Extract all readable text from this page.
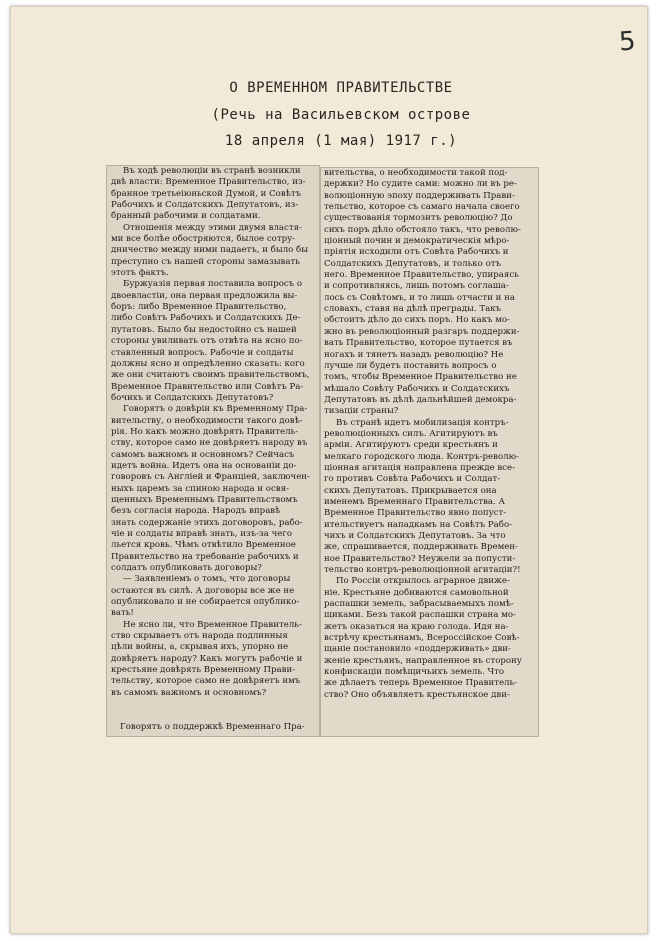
5
О ВРЕМЕННОМ ПРАВИТЕЛЬСТВЕ
(Речь на Васильевском острове
18 апреля (1 мая) 1917 г.)
Въ ходѣ революціи въ странѣ возникли
двѣ власти: Временное Правительство, из-
бранное третьеіюньской Думой, и Совѣтъ
Рабочихъ и Солдатскихъ Депутатовъ, из-
бранный рабочими и солдатами.
Отношенія между этими двумя властя-
ми все болѣе обостряются, былое сотру-
дничество между ними падаетъ, и было бы
преступно съ нашей стороны замазывать
этотъ фактъ.
Буржуазія первая поставила вопросъ о
двоевластіи, она первая предложила вы-
боръ: либо Временное Правительство,
либо Совѣтъ Рабочихъ и Солдатскихъ Де-
путатовъ. Было бы недостойно съ нашей
стороны увиливать отъ отвѣта на ясно по-
ставленный вопросъ. Рабочіе и солдаты
должны ясно и опредѣленно сказать: кого
же они считаютъ своимъ правительствомъ,
Временное Правительство или Совѣтъ Ра-
бочихъ и Солдатскихъ Депутатовъ?
Говорятъ о довѣріи къ Временному Пра-
вительству, о необходимости такого довѣ-
рія. Но какъ можно довѣрять Правитель-
ству, которое само не довѣряетъ народу въ
самомъ важномъ и основномъ? Сейчасъ
идетъ война. Идетъ она на основаніи до-
говоровъ съ Англіей и Франціей, заключен-
ныхъ царемъ за спиною народа и освя-
щенныхъ Временнымъ Правительствомъ
безъ согласія народа. Народъ вправѣ
знать содержаніе этихъ договоровъ, рабо-
чіе и солдаты вправѣ знать, изъ-за чего
льется кровь. Чѣмъ отвѣтило Временное
Правительство на требованіе рабочихъ и
солдатъ опубликовать договоры?
— Заявленіемъ о томъ, что договоры
остаются въ силѣ. А договоры все же не
опубликовало и не собирается опублико-
вать!
Не ясно ли, что Временное Правитель-
ство скрываетъ отъ народа подлинныя
цѣли войны, а, скрывая ихъ, упорно не
довѣряетъ народу? Какъ могутъ рабочіе и
крестьяне довѣрять Временному Прави-
тельству, которое само не довѣряетъ имъ
въ самомъ важномъ и основномъ?
вительства, о необходимости такой под-
держки? Но судите сами: можно ли въ ре-
волюціонную эпоху поддерживать Прави-
тельство, которое съ самаго начала своего
существованія тормозитъ революцію? До
сихъ поръ дѣло обстояло такъ, что револю-
ціонный почин и демократическія мѣро-
пріятія исходили отъ Совѣта Рабочихъ и
Солдатскихъ Депутатовъ, и только отъ
него. Временное Правительство, упираясь
и сопротивляясь, лишь потомъ соглаша-
лось съ Совѣтомъ, и то лишь отчасти и на
словахъ, ставя на дѣлѣ преграды. Такъ
обстоитъ дѣло до сихъ поръ. Но какъ мо-
жно въ революціонный разгаръ поддержи-
вать Правительство, которое путается въ
ногахъ и тянетъ назадъ революцію? Не
лучше ли будетъ поставить вопросъ о
томъ, чтобы Временное Правительство не
мѣшало Совѣту Рабочихъ и Солдатскихъ
Депутатовъ въ дѣлѣ дальнѣйшей демокра-
тизаціи страны?
Въ странѣ идетъ мобилизація контръ-
революціонныхъ силъ. Агитируютъ въ
арміи. Агитируютъ среди крестьянъ и
мелкаго городского люда. Контръ-револю-
ціонная агитація направлена прежде все-
го противъ Совѣта Рабочихъ и Солдат-
скихъ Депутатовъ. Прикрывается она
именемъ Временнаго Правительства. А
Временное Правительство явно попуст-
ительствуетъ нападкамъ на Совѣтъ Рабо-
чихъ и Солдатскихъ Депутатовъ. За что
же, спрашивается, поддерживать Времен-
ное Правительство? Неужели за попусти-
тельство контръ-революціонной агитаціи?!
По Россіи открылось аграрное движе-
ніе. Крестьяне добиваются самовольной
распашки земель, забрасываемыхъ помѣ-
щиками. Безъ такой распашки страна мо-
жетъ оказаться на краю голода. Идя на-
встрѣчу крестьянамъ, Всероссійское Совѣ-
щаніе постановило «поддерживать» дви-
женіе крестьянъ, направленное въ сторону
конфискаціи помѣщичьихъ земель. Что
же дѣлаетъ теперь Временное Правитель-
ство? Оно объявляетъ крестьянское дви-
Говорятъ о поддержкѣ Временнаго Пра-
